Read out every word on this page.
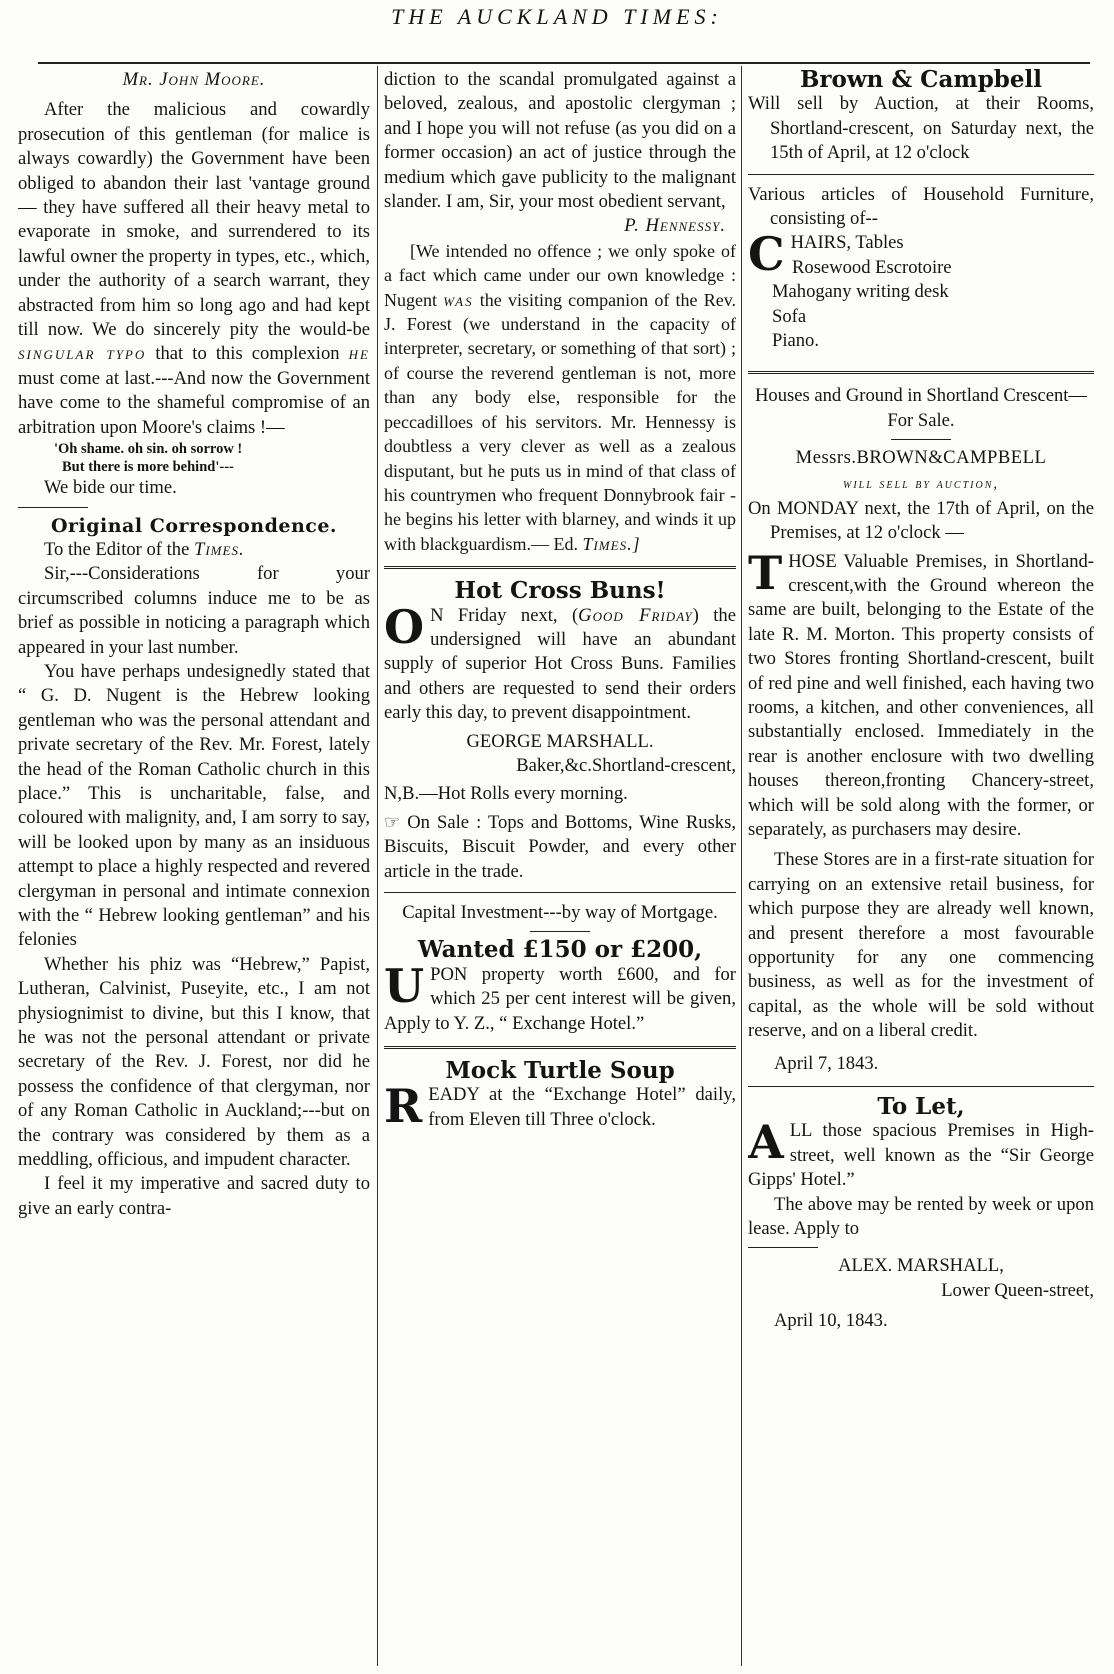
THE AUCKLAND TIMES:
Mr. John Moore.

After the malicious and cowardly prosecution of this gentleman (for malice is always cowardly) the Government have been obliged to abandon their last 'vantage ground — they have suffered all their heavy metal to evaporate in smoke, and surrendered to its lawful owner the property in types, etc., which, under the authority of a search warrant, they abstracted from him so long ago and had kept till now. We do sincerely pity the would-be singular typo that to this complexion he must come at last.---And now the Government have come to the shameful compromise of an arbitration upon Moore's claims !—

'Oh shame. oh sin. oh sorrow !
But there is more behind'---

We bide our time.

Original Correspondence.

To the Editor of the Times.

Sir,---Considerations for your circumscribed columns induce me to be as brief as possible in noticing a paragraph which appeared in your last number.

You have perhaps undesignedly stated that “ G. D. Nugent is the Hebrew looking gentleman who was the personal attendant and private secretary of the Rev. Mr. Forest, lately the head of the Roman Catholic church in this place.” This is uncharitable, false, and coloured with malignity, and, I am sorry to say, will be looked upon by many as an insiduous attempt to place a highly respected and revered clergyman in personal and intimate connexion with the “ Hebrew looking gentleman” and his felonies

Whether his phiz was “Hebrew,” Papist, Lutheran, Calvinist, Puseyite, etc., I am not physiognimist to divine, but this I know, that he was not the personal attendant or private secretary of the Rev. J. Forest, nor did he possess the confidence of that clergyman, nor of any Roman Catholic in Auckland;---but on the contrary was considered by them as a meddling, officious, and impudent character.

I feel it my imperative and sacred duty to give an early contra-

diction to the scandal promulgated against a beloved, zealous, and apostolic clergyman ; and I hope you will not refuse (as you did on a former occasion) an act of justice through the medium which gave publicity to the malignant slander. I am, Sir, your most obedient servant,

P. Hennessy.

[We intended no offence ; we only spoke of a fact which came under our own knowledge : Nugent was the visiting companion of the Rev. J. Forest (we understand in the capacity of interpreter, secretary, or something of that sort) ; of course the reverend gentleman is not, more than any body else, responsible for the peccadilloes of his servitors. Mr. Hennessy is doubtless a very clever as well as a zealous disputant, but he puts us in mind of that class of his countrymen who frequent Donnybrook fair -he begins his letter with blarney, and winds it up with blackguardism.— Ed. Times.]

Hot Cross Buns!

O N Friday next, (Good Friday) the undersigned will have an abundant supply of superior Hot Cross Buns. Families and others are requested to send their orders early this day, to prevent disappointment.

GEORGE MARSHALL.
Baker,&c.Shortland-crescent,

N,B.—Hot Rolls every morning.

☞ On Sale : Tops and Bottoms, Wine Rusks, Biscuits, Biscuit Powder, and every other article in the trade.

Capital Investment---by way of Mortgage.
Wanted £150 or £200,

UPON property worth £600, and for which 25 per cent interest will be given, Apply to Y. Z., “ Exchange Hotel.”

Mock Turtle Soup

READY at the “Exchange Hotel” daily, from Eleven till Three o'clock.

Brown & Campbell

Will sell by Auction, at their Rooms, Shortland-crescent, on Saturday next, the 15th of April, at 12 o'clock

Various articles of Household Furniture, consisting of--

CHAIRS, Tables

Rosewood Escrotoire
Mahogany writing desk
Sofa
Piano.
Houses and Ground in Shortland Crescent—For Sale.
Messrs.BROWN&CAMPBELL
will sell by auction,

On MONDAY next, the 17th of April, on the Premises, at 12 o'clock —

THOSE Valuable Premises, in Shortland-crescent,with the Ground whereon the same are built, belonging to the Estate of the late R. M. Morton. This property consists of two Stores fronting Shortland-crescent, built of red pine and well finished, each having two rooms, a kitchen, and other conveniences, all substantially enclosed. Immediately in the rear is another enclosure with two dwelling houses thereon,fronting Chancery-street, which will be sold along with the former, or separately, as purchasers may desire.

These Stores are in a first-rate situation for carrying on an extensive retail business, for which purpose they are already well known, and present therefore a most favourable opportunity for any one commencing business, as well as for the investment of capital, as the whole will be sold without reserve, and on a liberal credit.

April 7, 1843.

To Let,

ALL those spacious Premises in High-street, well known as the “Sir George Gipps' Hotel.”

The above may be rented by week or upon lease. Apply to

ALEX. MARSHALL,
Lower Queen-street,

April 10, 1843.
